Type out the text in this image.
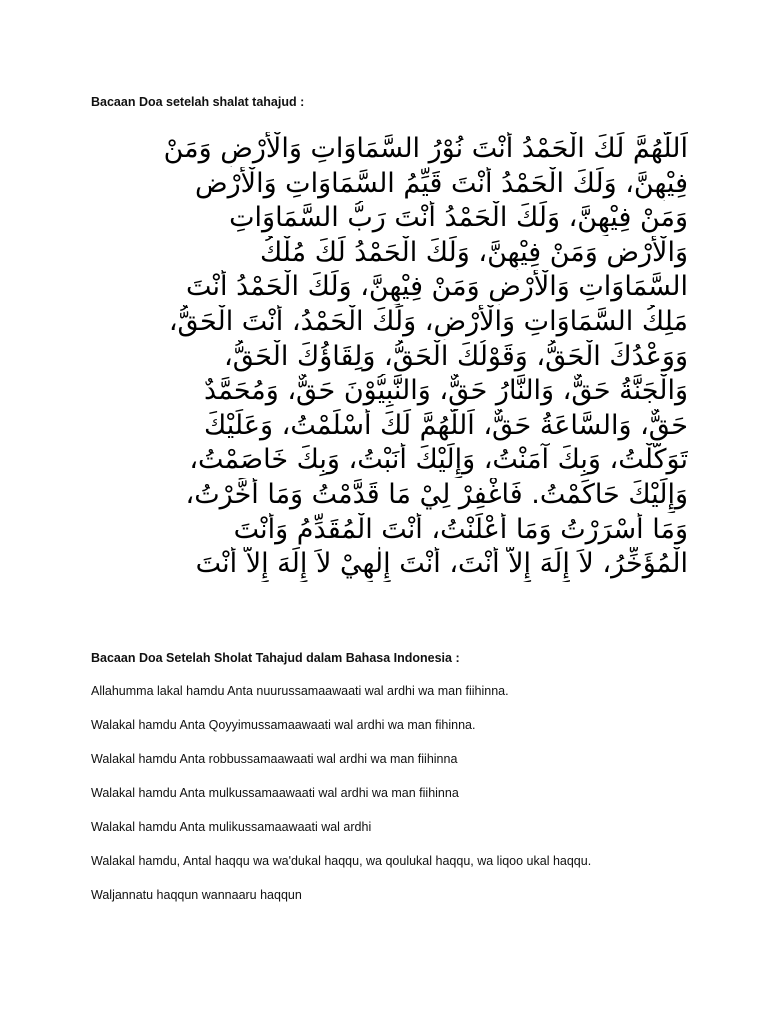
Bacaan Doa setelah shalat tahajud :
اَللّٰهُمَّ لَكَ الْحَمْدُ أَنْتَ نُوْرُ السَّمَاوَاتِ وَالْأَرْضِ وَمَنْ
فِيْهِنَّ، وَلَكَ الْحَمْدُ أَنْتَ قَيِّمُ السَّمَاوَاتِ وَالْأَرْضِ
وَمَنْ فِيْهِنَّ، وَلَكَ الْحَمْدُ أَنْتَ رَبُّ السَّمَاوَاتِ
وَالْأَرْضِ وَمَنْ فِيْهِنَّ، وَلَكَ الْحَمْدُ لَكَ مُلْكُ
السَّمَاوَاتِ وَالْأَرْضِ وَمَنْ فِيْهِنَّ، وَلَكَ الْحَمْدُ أَنْتَ
مَلِكُ السَّمَاوَاتِ وَالْأَرْضِ، وَلَكَ الْحَمْدُ، أَنْتَ الْحَقُّ،
وَوَعْدُكَ الْحَقُّ، وَقَوْلُكَ الْحَقُّ، وَلِقَاؤُكَ الْحَقُّ،
وَالْجَنَّةُ حَقٌّ، وَالنَّارُ حَقٌّ، وَالنَّبِيُّوْنَ حَقٌّ، وَمُحَمَّدٌ
حَقٌّ، وَالسَّاعَةُ حَقٌّ، اَللّٰهُمَّ لَكَ أَسْلَمْتُ، وَعَلَيْكَ
تَوَكَّلْتُ، وَبِكَ آمَنْتُ، وَإِلَيْكَ أَنَبْتُ، وَبِكَ خَاصَمْتُ،
وَإِلَيْكَ حَاكَمْتُ. فَاغْفِرْ لِيْ مَا قَدَّمْتُ وَمَا أَخَّرْتُ،
وَمَا أَسْرَرْتُ وَمَا أَعْلَنْتُ، أَنْتَ الْمُقَدِّمُ وَأَنْتَ
الْمُؤَخِّرُ، لاَ إِلَهَ إِلاَّ أَنْتَ، أَنْتَ إِلٰهِيْ لاَ إِلَهَ إِلاَّ أَنْتَ
Bacaan Doa Setelah Sholat Tahajud dalam Bahasa Indonesia :
Allahumma lakal hamdu Anta nuurussamaawaati wal ardhi wa man fiihinna.
Walakal hamdu Anta Qoyyimussamaawaati wal ardhi wa man fihinna.
Walakal hamdu Anta robbussamaawaati wal ardhi wa man fiihinna
Walakal hamdu Anta mulkussamaawaati wal ardhi wa man fiihinna
Walakal hamdu Anta mulikussamaawaati wal ardhi
Walakal hamdu, Antal haqqu wa wa'dukal haqqu, wa qoulukal haqqu, wa liqoo ukal haqqu.
Waljannatu haqqun wannaaru haqqun
